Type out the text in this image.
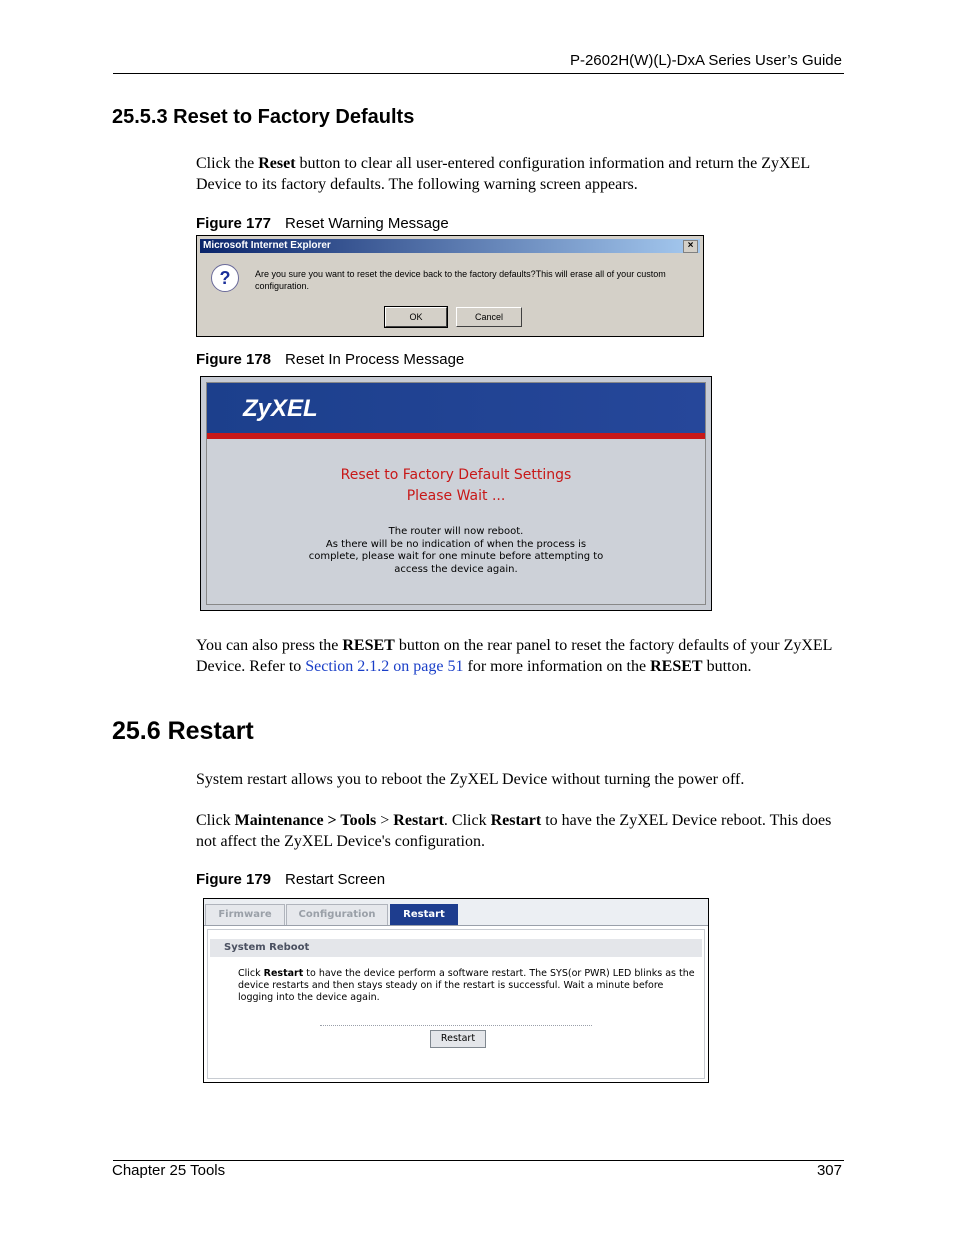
P-2602H(W)(L)-DxA Series User’s Guide
25.5.3 Reset to Factory Defaults

Click the Reset button to clear all user-entered configuration information and return the ZyXEL Device to its factory defaults. The following warning screen appears.

Figure 177 Reset Warning Message
Microsoft Internet Explorer	×
?	Are you sure you want to reset the device back to the factory defaults?This will erase all of your custom configuration.
OK	Cancel
Figure 178 Reset In Process Message
ZyXEL
Reset to Factory Default Settings
Please Wait ...
The router will now reboot.
As there will be no indication of when the process is
complete, please wait for one minute before attempting to
access the device again.

You can also press the RESET button on the rear panel to reset the factory defaults of your ZyXEL Device. Refer to Section 2.1.2 on page 51 for more information on the RESET button.

25.6 Restart

System restart allows you to reboot the ZyXEL Device without turning the power off.

Click Maintenance > Tools > Restart. Click Restart to have the ZyXEL Device reboot. This does not affect the ZyXEL Device's configuration.

Figure 179 Restart Screen
Firmware	Configuration	Restart
System Reboot
Click Restart to have the device perform a software restart. The SYS(or PWR) LED blinks as the device restarts and then stays steady on if the restart is successful. Wait a minute before logging into the device again.
Restart
Chapter 25 Tools	307
